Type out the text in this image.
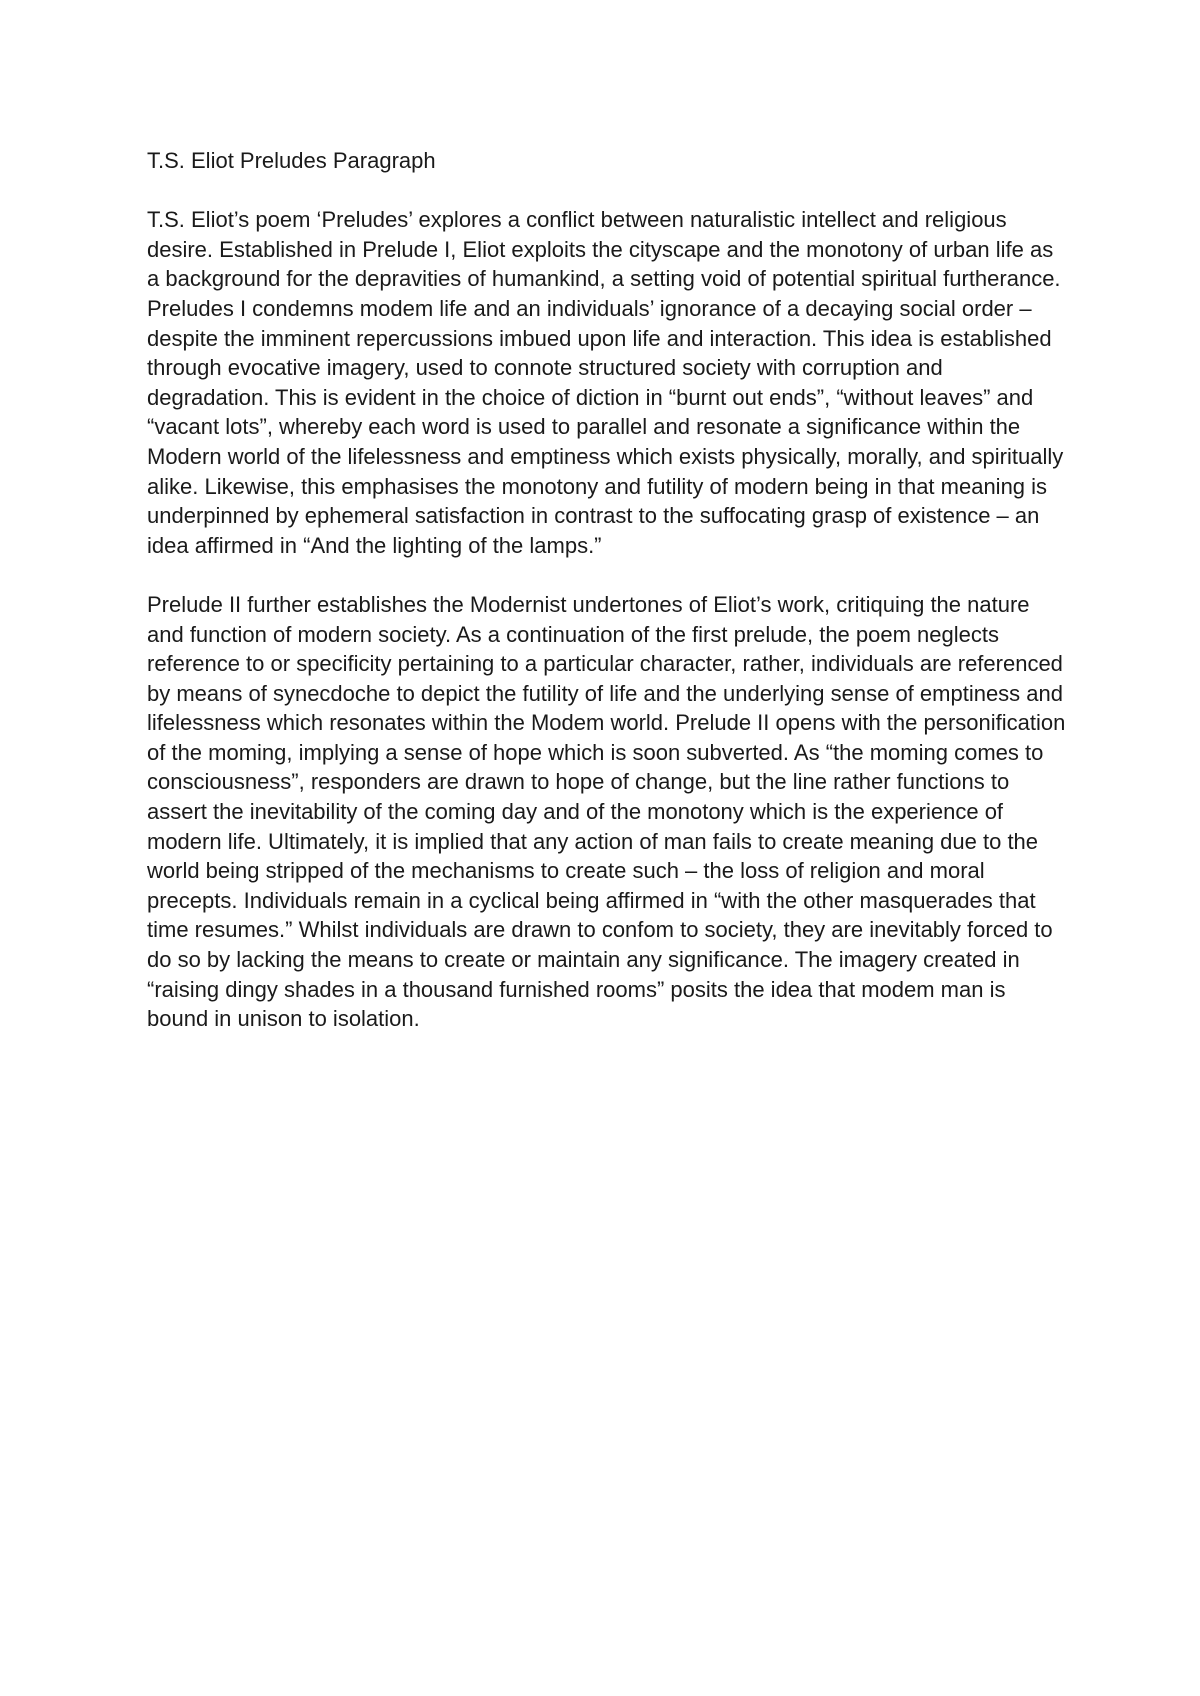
T.S. Eliot Preludes Paragraph

T.S. Eliot’s poem ‘Preludes’ explores a conflict between naturalistic intellect and religious desire. Established in Prelude I, Eliot exploits the cityscape and the monotony of urban life as a background for the depravities of humankind, a setting void of potential spiritual furtherance. Preludes I condemns modem life and an individuals’ ignorance of a decaying social order – despite the imminent repercussions imbued upon life and interaction. This idea is established through evocative imagery, used to connote structured society with corruption and degradation. This is evident in the choice of diction in “burnt out ends”, “without leaves” and “vacant lots”, whereby each word is used to parallel and resonate a significance within the Modern world of the lifelessness and emptiness which exists physically, morally, and spiritually alike. Likewise, this emphasises the monotony and futility of modern being in that meaning is underpinned by ephemeral satisfaction in contrast to the suffocating grasp of existence – an idea affirmed in “And the lighting of the lamps.”

Prelude II further establishes the Modernist undertones of Eliot’s work, critiquing the nature and function of modern society. As a continuation of the first prelude, the poem neglects reference to or specificity pertaining to a particular character, rather, individuals are referenced by means of synecdoche to depict the futility of life and the underlying sense of emptiness and lifelessness which resonates within the Modem world. Prelude II opens with the personification of the moming, implying a sense of hope which is soon subverted. As “the moming comes to consciousness”, responders are drawn to hope of change, but the line rather functions to assert the inevitability of the coming day and of the monotony which is the experience of modern life. Ultimately, it is implied that any action of man fails to create meaning due to the world being stripped of the mechanisms to create such – the loss of religion and moral precepts. Individuals remain in a cyclical being affirmed in “with the other masquerades that time resumes.” Whilst individuals are drawn to confom to society, they are inevitably forced to do so by lacking the means to create or maintain any significance. The imagery created in “raising dingy shades in a thousand furnished rooms” posits the idea that modem man is bound in unison to isolation.
